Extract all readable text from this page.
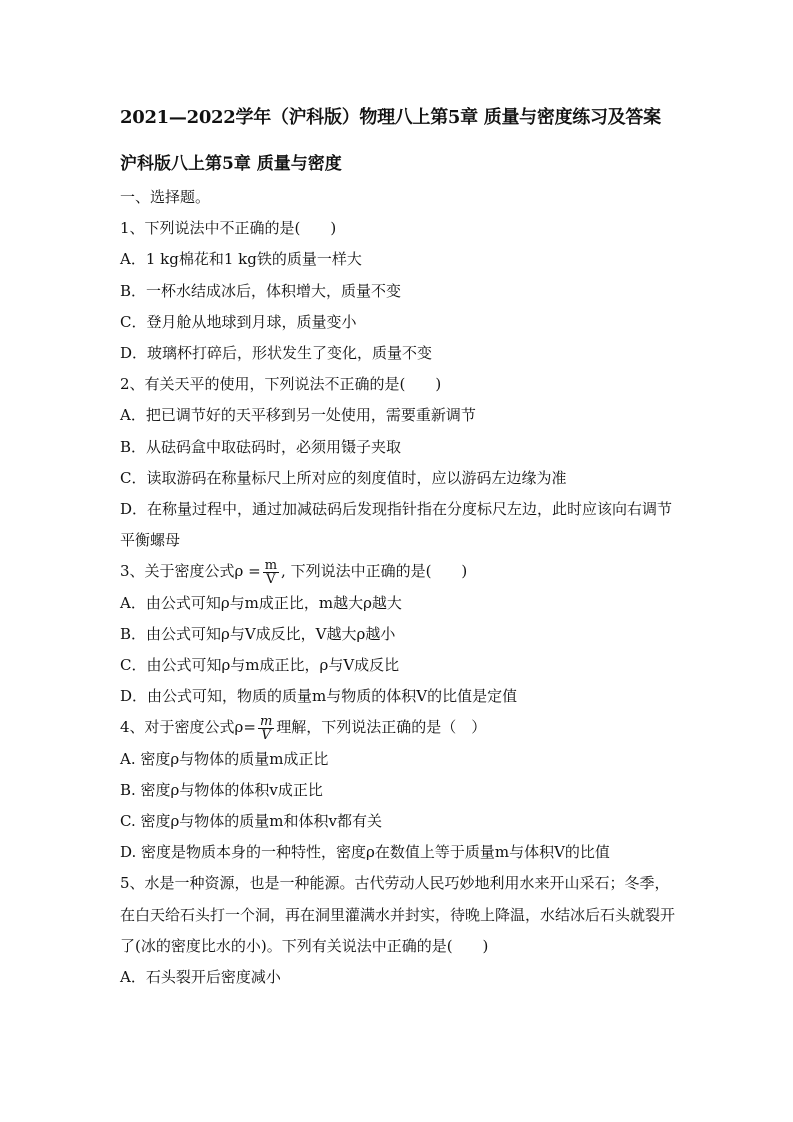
2021—2022学年（沪科版）物理八上第5章 质量与密度练习及答案
沪科版八上第5章 质量与密度
一、选择题。
1、下列说法中不正确的是(　　)
A．1 kg棉花和1 kg铁的质量一样大
B．一杯水结成冰后，体积增大，质量不变
C．登月舱从地球到月球，质量变小
D．玻璃杯打碎后，形状发生了变化，质量不变
2、有关天平的使用，下列说法不正确的是(　　)
A．把已调节好的天平移到另一处使用，需要重新调节
B．从砝码盒中取砝码时，必须用镊子夹取
C．读取游码在称量标尺上所对应的刻度值时，应以游码左边缘为准
D．在称量过程中，通过加减砝码后发现指针指在分度标尺左边，此时应该向右调节平衡螺母
3、关于密度公式$\rho = \frac{m}{V}$ , 下列说法中正确的是(　　)
A．由公式可知ρ与m成正比，m越大ρ越大
B．由公式可知ρ与V成反比，V越大ρ越小
C．由公式可知ρ与m成正比，ρ与V成反比
D．由公式可知，物质的质量m与物质的体积V的比值是定值
4、对于密度公式$\rho= \frac{m}{V}$ 理解，下列说法正确的是（　）
A. 密度ρ与物体的质量m成正比
B. 密度ρ与物体的体积v成正比
C. 密度ρ与物体的质量m和体积v都有关
D. 密度是物质本身的一种特性，密度ρ在数值上等于质量m与体积V的比值
5、水是一种资源，也是一种能源。古代劳动人民巧妙地利用水来开山采石；冬季，在白天给石头打一个洞，再在洞里灌满水并封实，待晚上降温，水结冰后石头就裂开了(冰的密度比水的小)。下列有关说法中正确的是(　　)
A．石头裂开后密度减小
